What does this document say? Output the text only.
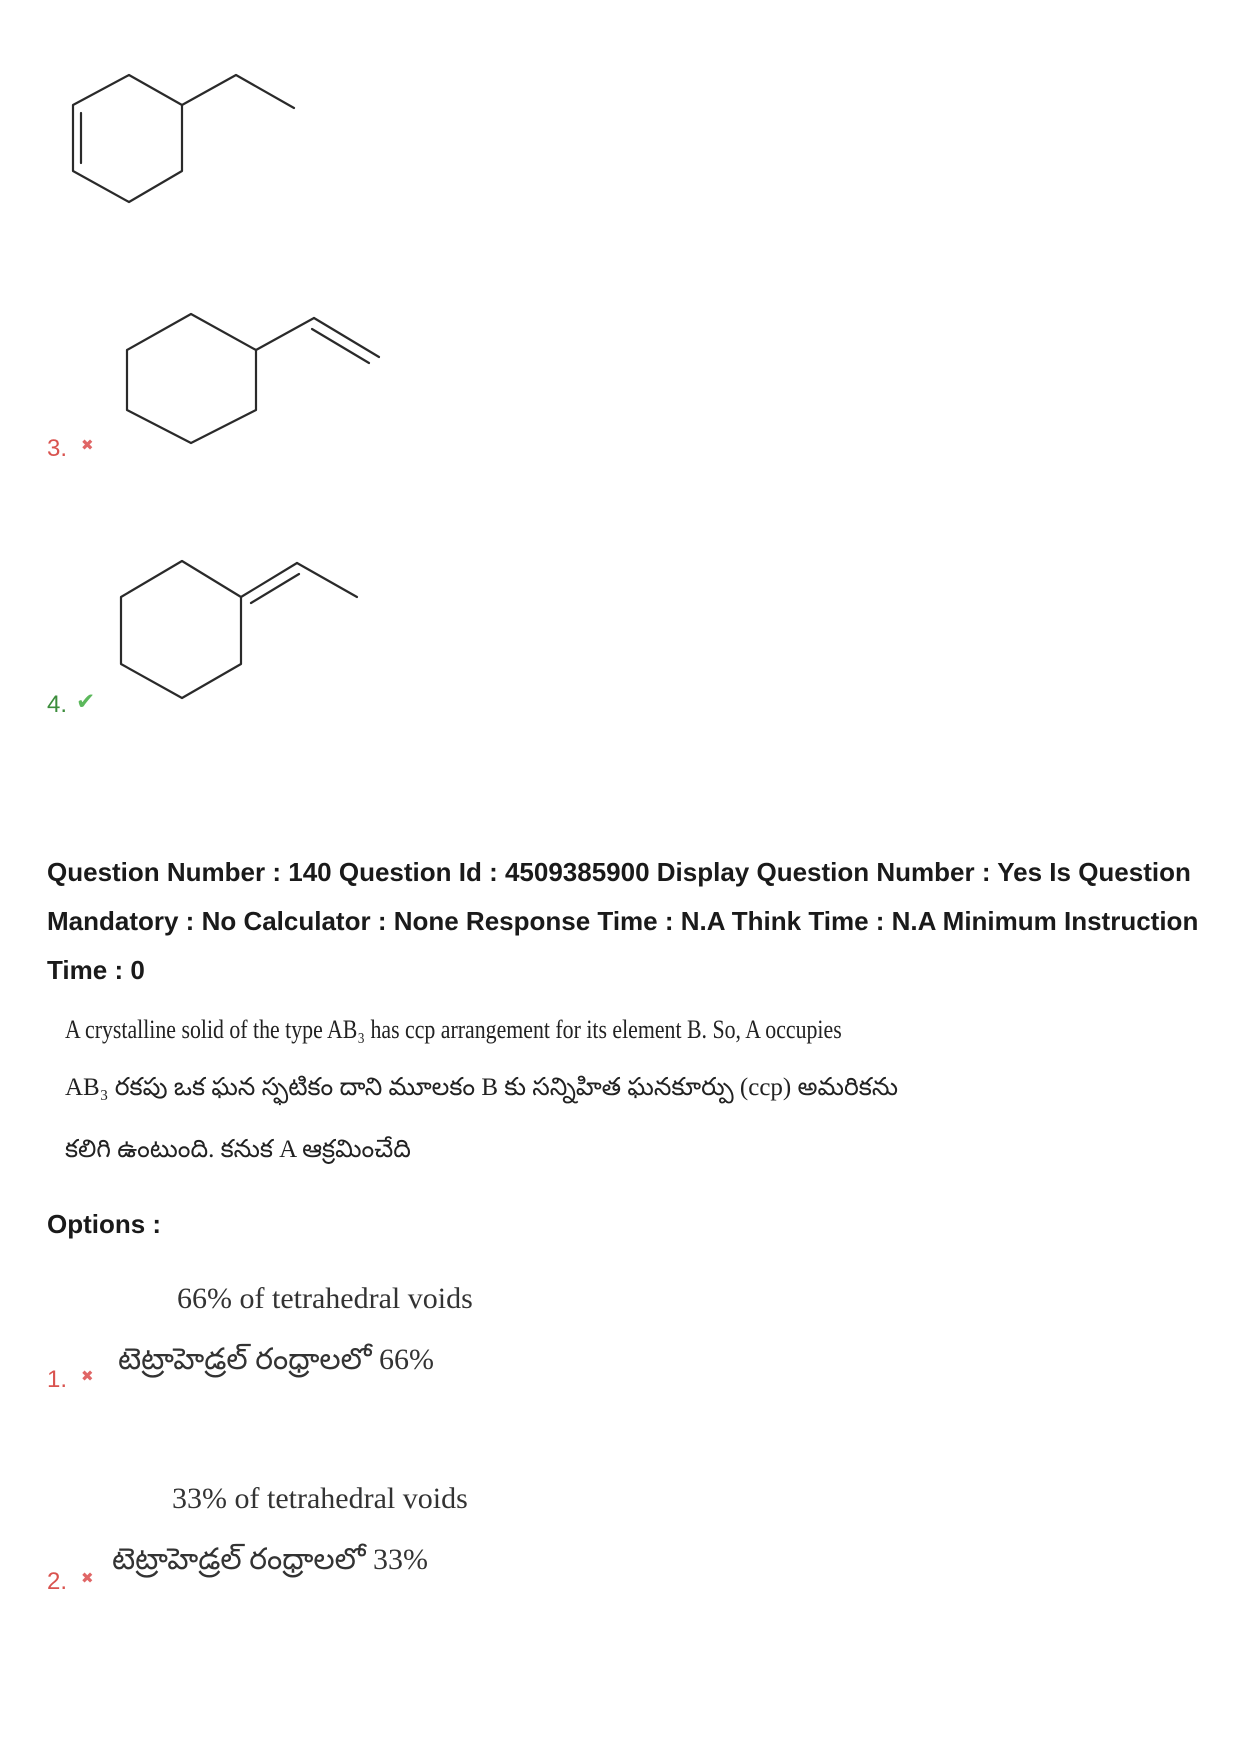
3.
✖
4.
✔
Question Number : 140 Question Id : 4509385900 Display Question Number : Yes Is Question
Mandatory : No Calculator : None Response Time : N.A Think Time : N.A Minimum Instruction
Time : 0
A crystalline solid of the type AB₃ has ccp arrangement for its element B. So, A occupies
AB₃ రకపు ఒక ఘన స్ఫటికం దాని మూలకం B కు సన్నిహిత ఘనకూర్పు (ccp) అమరికను
కలిగి ఉంటుంది. కనుక A ఆక్రమించేది
Options :
66% of tetrahedral voids
టెట్రాహెడ్రల్ రంధ్రాలలో 66%
1.
✖
33% of tetrahedral voids
టెట్రాహెడ్రల్ రంధ్రాలలో 33%
2.
✖
